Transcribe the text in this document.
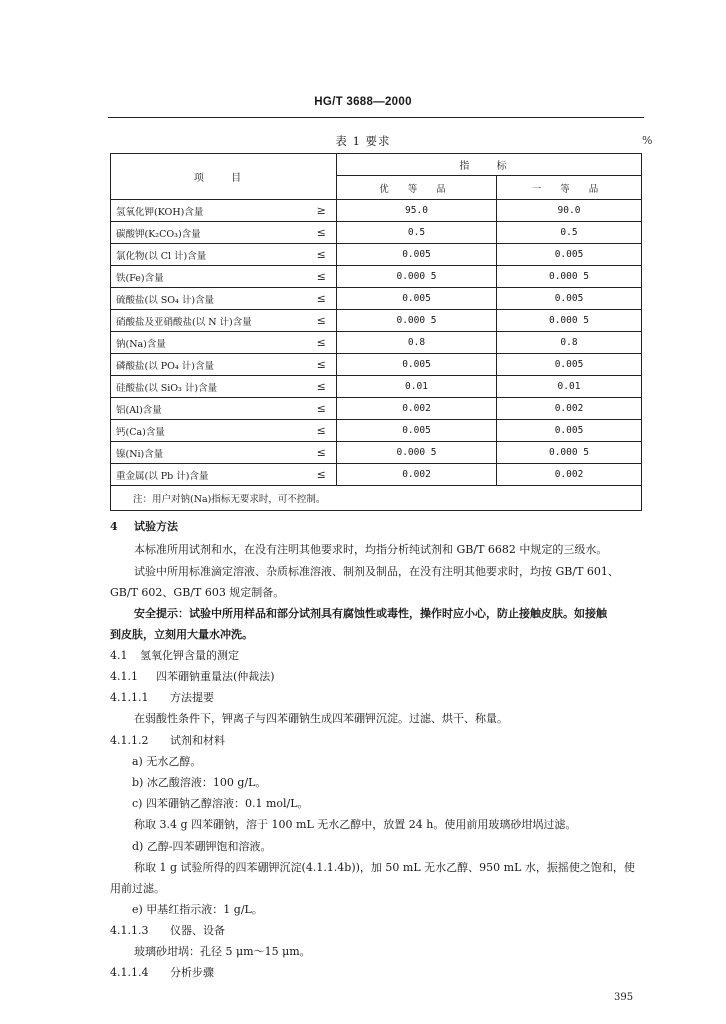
HG/T 3688—2000
表 1 要求	%
项 目		指 标	
		优 等 品	一 等 品
氢氧化钾(KOH)含量	≥	95.0	90.0
碳酸钾(K₂CO₃)含量	≤	0.5	0.5
氯化物(以 Cl 计)含量	≤	0.005	0.005
铁(Fe)含量	≤	0.000 5	0.000 5
硫酸盐(以 SO₄ 计)含量	≤	0.005	0.005
硝酸盐及亚硝酸盐(以 N 计)含量	≤	0.000 5	0.000 5
钠(Na)含量	≤	0.8	0.8
磷酸盐(以 PO₄ 计)含量	≤	0.005	0.005
硅酸盐(以 SiO₃ 计)含量	≤	0.01	0.01
铝(Al)含量	≤	0.002	0.002
钙(Ca)含量	≤	0.005	0.005
镍(Ni)含量	≤	0.000 5	0.000 5
重金属(以 Pb 计)含量	≤	0.002	0.002
注：用户对钠(Na)指标无要求时，可不控制。			
4 试验方法
本标准所用试剂和水，在没有注明其他要求时，均指分析纯试剂和 GB/T 6682 中规定的三级水。
试验中所用标准滴定溶液、杂质标准溶液、制剂及制品，在没有注明其他要求时，均按 GB/T 601、
GB/T 602、GB/T 603 规定制备。
安全提示：试验中所用样品和部分试剂具有腐蚀性或毒性，操作时应小心，防止接触皮肤。如接触
到皮肤，立刻用大量水冲洗。
4.1 氢氧化钾含量的测定
4.1.1 四苯硼钠重量法(仲裁法)
4.1.1.1 方法提要
在弱酸性条件下，钾离子与四苯硼钠生成四苯硼钾沉淀。过滤、烘干、称量。
4.1.1.2 试剂和材料
a) 无水乙醇。
b) 冰乙酸溶液：100 g/L。
c) 四苯硼钠乙醇溶液：0.1 mol/L。
称取 3.4 g 四苯硼钠，溶于 100 mL 无水乙醇中，放置 24 h。使用前用玻璃砂坩埚过滤。
d) 乙醇-四苯硼钾饱和溶液。
称取 1 g 试验所得的四苯硼钾沉淀(4.1.1.4b))，加 50 mL 无水乙醇、950 mL 水，振摇使之饱和，使
用前过滤。
e) 甲基红指示液：1 g/L。
4.1.1.3 仪器、设备
玻璃砂坩埚：孔径 5 μm～15 μm。
4.1.1.4 分析步骤
395
